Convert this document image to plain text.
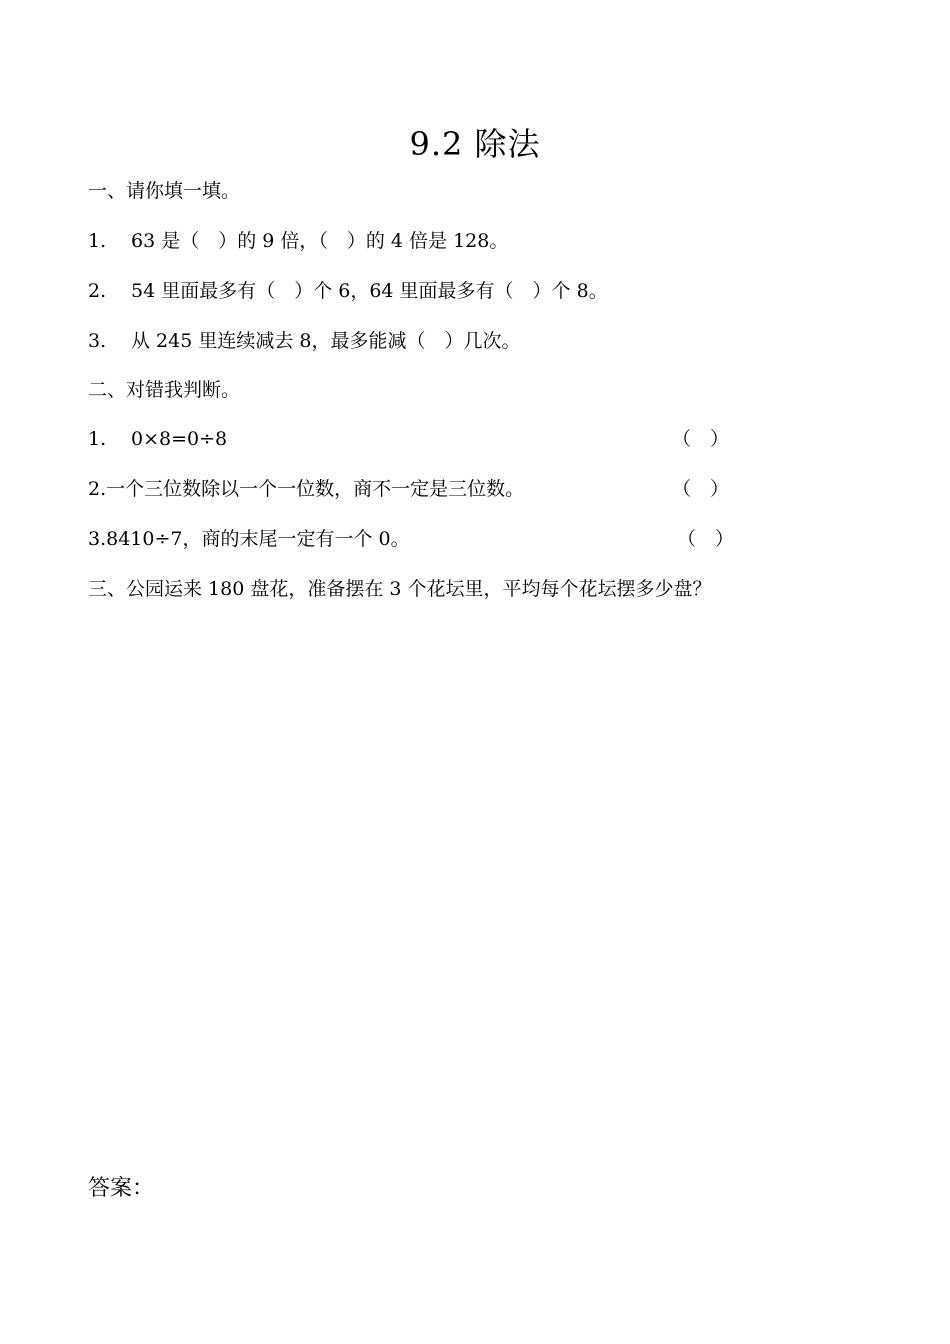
9.2 除法
一、请你填一填。
1. 63 是（　）的 9 倍，（　）的 4 倍是 128。
2. 54 里面最多有（　）个 6，64 里面最多有（　）个 8。
3. 从 245 里连续减去 8，最多能减（　）几次。
二、对错我判断。
1. 0×8=0÷8	（　）
2.一个三位数除以一个一位数，商不一定是三位数。	（　）
3.8410÷7，商的末尾一定有一个 0。	（　）
三、公园运来 180 盘花，准备摆在 3 个花坛里，平均每个花坛摆多少盘？
答案：
